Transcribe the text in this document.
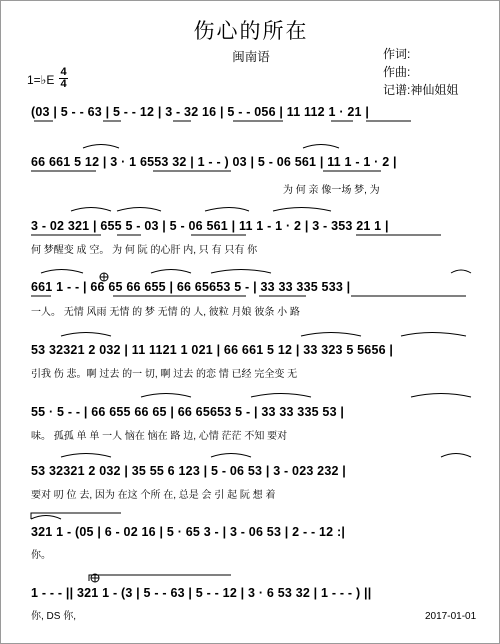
伤心的所在
闽南语	作词:
作曲:
记谱:神仙姐姐
1=♭E
4
4
(03 | 5 - - 63 | 5 - - 12 | 3 - 32 16 | 5 - - 056 | 11 112 1 · 21 |
66 661 5 12 | 3 · 1 6553 32 | 1 - - ) 03 | 5 - 06 561 | 11 1 - 1 · 2 |
为 何 亲 像一场 梦, 为
3 - 02 321 | 655 5 - 03 | 5 - 06 561 | 11 1 - 1 · 2 | 3 - 353 21 1 |
何 梦醒变 成 空。 为 何 阮 的心肝 内, 只 有 只有 你
661 1 - - | 66 65 66 655 | 66 65653 5 - | 33 33 335 533 |
一人。 无情 风雨 无情 的 梦 无情 的 人, 彼粒 月娘 彼条 小 路
53 32321 2 032 | 11 1121 1 021 | 66 661 5 12 | 33 323 5 5656 |
引我 伤 悲。啊 过去 的一 切, 啊 过去 的恋 情 已经 完全变 无
55 · 5 - - | 66 655 66 65 | 66 65653 5 - | 33 33 335 53 |
味。 孤孤 单 单 一人 恼在 恼在 路 边, 心情 茫茫 不知 要对
53 32321 2 032 | 35 55 6 123 | 5 - 06 53 | 3 - 023 232 |
要对 叨 位 去, 因为 在这 个所 在, 总是 会 引 起 阮 想 着
321 1 - (05 | 6 - 02 16 | 5 · 65 3 - | 3 - 06 53 | 2 - - 12 :|
你。
1 - - - || 321 1 - (3 | 5 - - 63 | 5 - - 12 | 3 · 6 53 32 | 1 - - - ) ||
你, DS 你,	2017-01-01
